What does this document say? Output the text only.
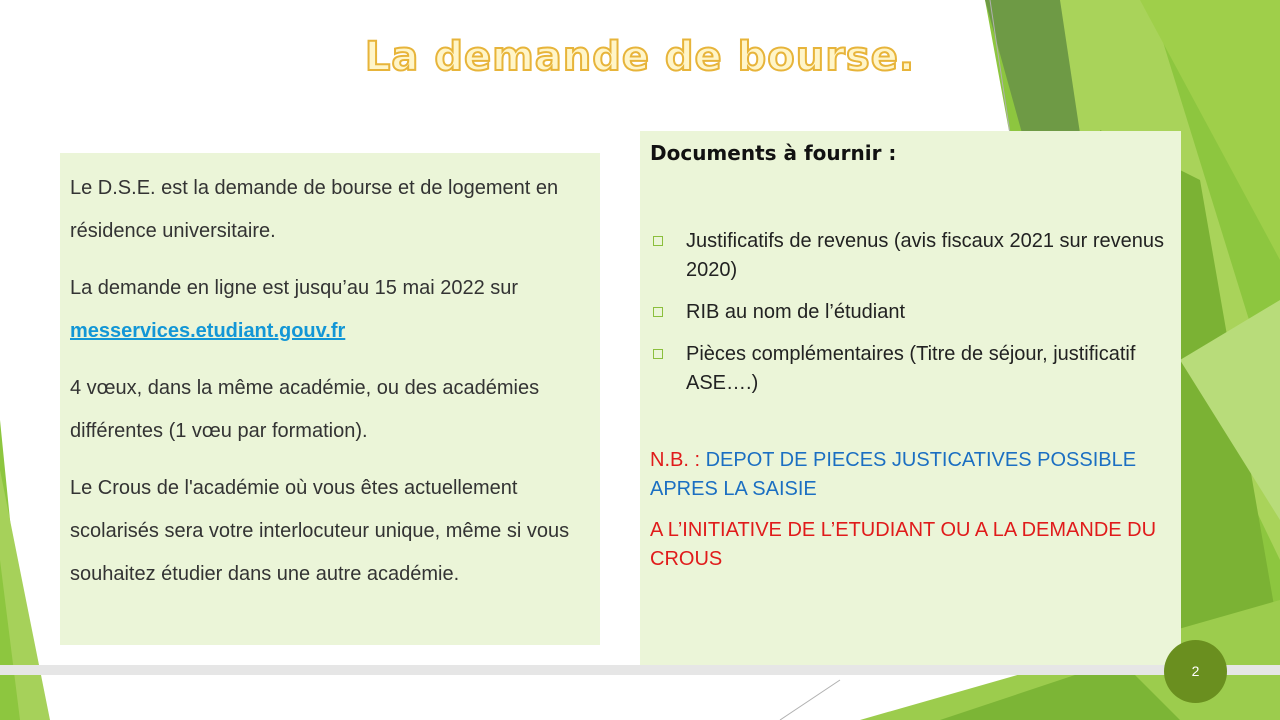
La demande de bourse.

Le D.S.E. est la demande de bourse et de logement en résidence universitaire.

La demande en ligne est jusqu’au 15 mai 2022 sur
messervices.etudiant.gouv.fr

4 vœux, dans la même académie, ou des académies différentes (1 vœu par formation).

Le Crous de l'académie où vous êtes actuellement scolarisés sera votre interlocuteur unique, même si vous souhaitez étudier dans une autre académie.

Documents à fournir :

Justificatifs de revenus (avis fiscaux 2021 sur revenus 2020)
RIB au nom de l’étudiant
Pièces complémentaires (Titre de séjour, justificatif ASE….)
N.B. : DEPOT DE PIECES JUSTICATIVES POSSIBLE APRES LA SAISIE
A L’INITIATIVE DE L’ETUDIANT OU A LA DEMANDE DU CROUS
2
